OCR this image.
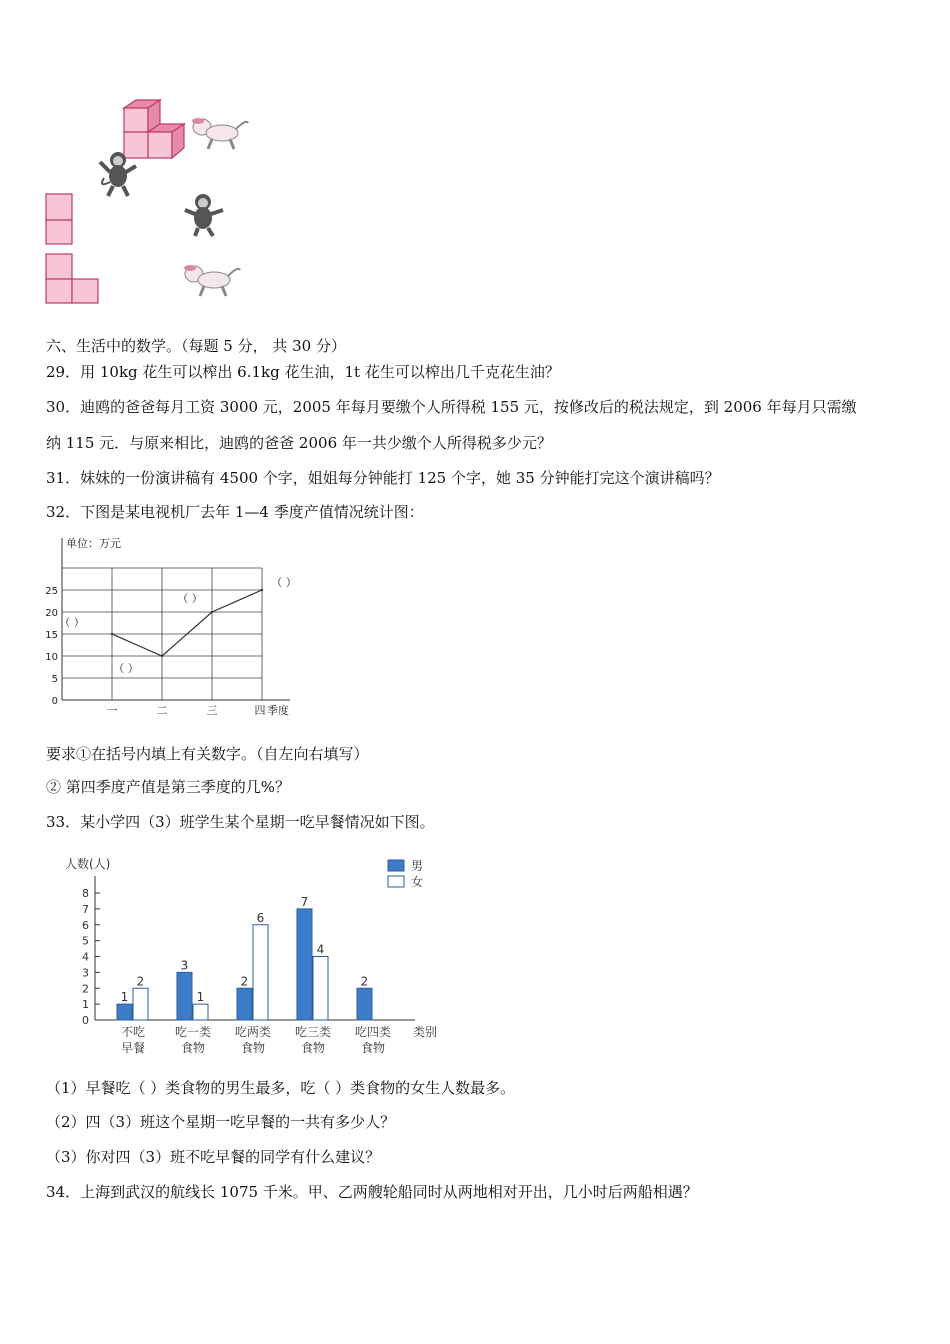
六、生活中的数学。（每题 5 分， 共 30 分）
29．用 10kg 花生可以榨出 6.1kg 花生油，1t 花生可以榨出几千克花生油？
30．迪鸥的爸爸每月工资 3000 元，2005 年每月要缴个人所得税 155 元，按修改后的税法规定，到 2006 年每月只需缴
纳 115 元．与原来相比，迪鸥的爸爸 2006 年一共少缴个人所得税多少元？
31．妹妹的一份演讲稿有 4500 个字，姐姐每分钟能打 125 个字，她 35 分钟能打完这个演讲稿吗？
32．下图是某电视机厂去年 1—4 季度产值情况统计图：
单位：万元
0
5
10
15
20
25
一	二	三	四 季度
（ ）
（ ）
（ ）
（ ）
要求①在括号内填上有关数字。（自左向右填写）
② 第四季度产值是第三季度的几%？
33．某小学四（3）班学生某个星期一吃早餐情况如下图。
人数(人)
0
1
2
3
4
5
6
7
8
1
2
不吃
早餐
3
1
吃一类
食物
2
6
吃两类
食物
7
4
吃三类
食物
2
吃四类
食物
类别
男
女
（1）早餐吃（ ）类食物的男生最多，吃（ ）类食物的女生人数最多。
（2）四（3）班这个星期一吃早餐的一共有多少人？
（3）你对四（3）班不吃早餐的同学有什么建议？
34．上海到武汉的航线长 1075 千米。甲、乙两艘轮船同时从两地相对开出，几小时后两船相遇？
